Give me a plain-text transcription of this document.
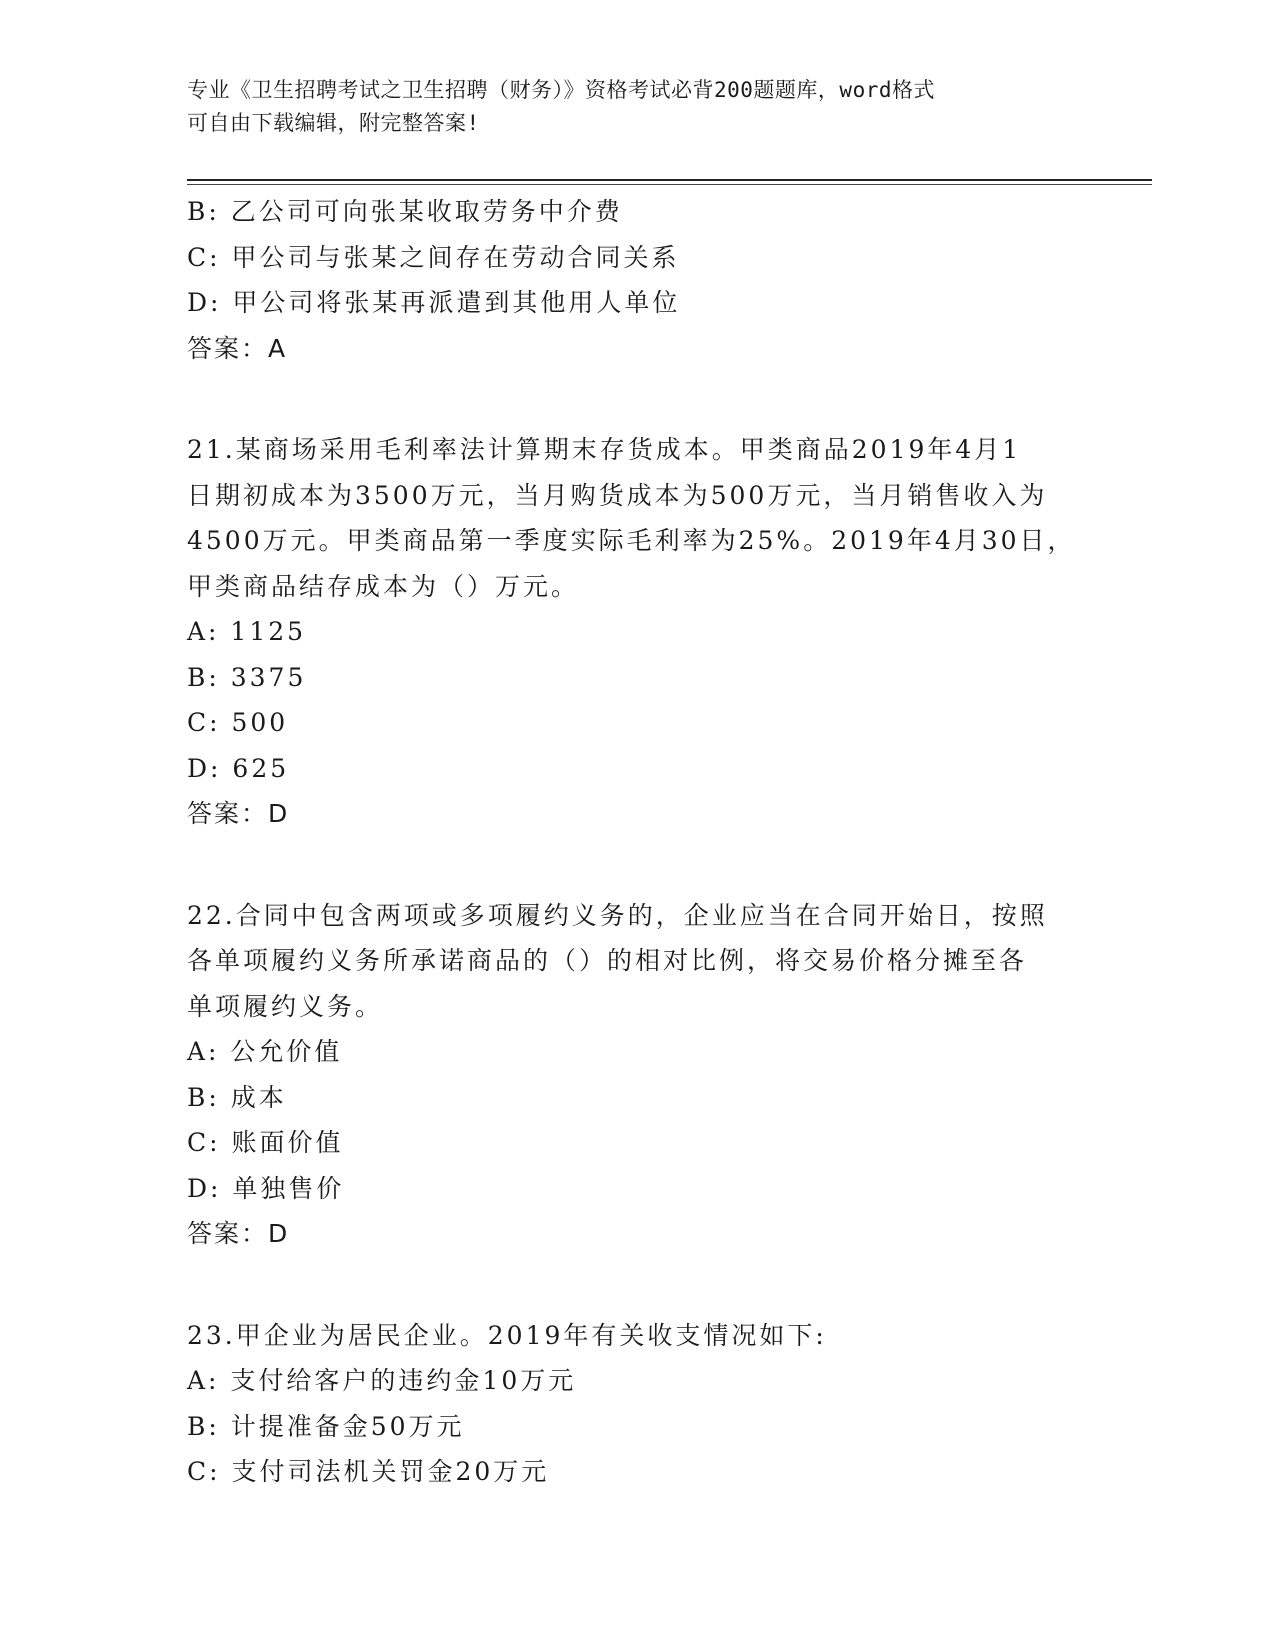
专业《卫生招聘考试之卫生招聘（财务）》资格考试必背200题题库，word格式
可自由下载编辑，附完整答案!
B: 乙公司可向张某收取劳务中介费
C: 甲公司与张某之间存在劳动合同关系
D: 甲公司将张某再派遣到其他用人单位
答案：A
21.某商场采用毛利率法计算期末存货成本。甲类商品2019年4月1
日期初成本为3500万元，当月购货成本为500万元，当月销售收入为
4500万元。甲类商品第一季度实际毛利率为25%。2019年4月30日，
甲类商品结存成本为（）万元。
A: 1125
B: 3375
C: 500
D: 625
答案：D
22.合同中包含两项或多项履约义务的，企业应当在合同开始日，按照
各单项履约义务所承诺商品的（）的相对比例，将交易价格分摊至各
单项履约义务。
A: 公允价值
B: 成本
C: 账面价值
D: 单独售价
答案：D
23.甲企业为居民企业。2019年有关收支情况如下:
A: 支付给客户的违约金10万元
B: 计提准备金50万元
C: 支付司法机关罚金20万元
